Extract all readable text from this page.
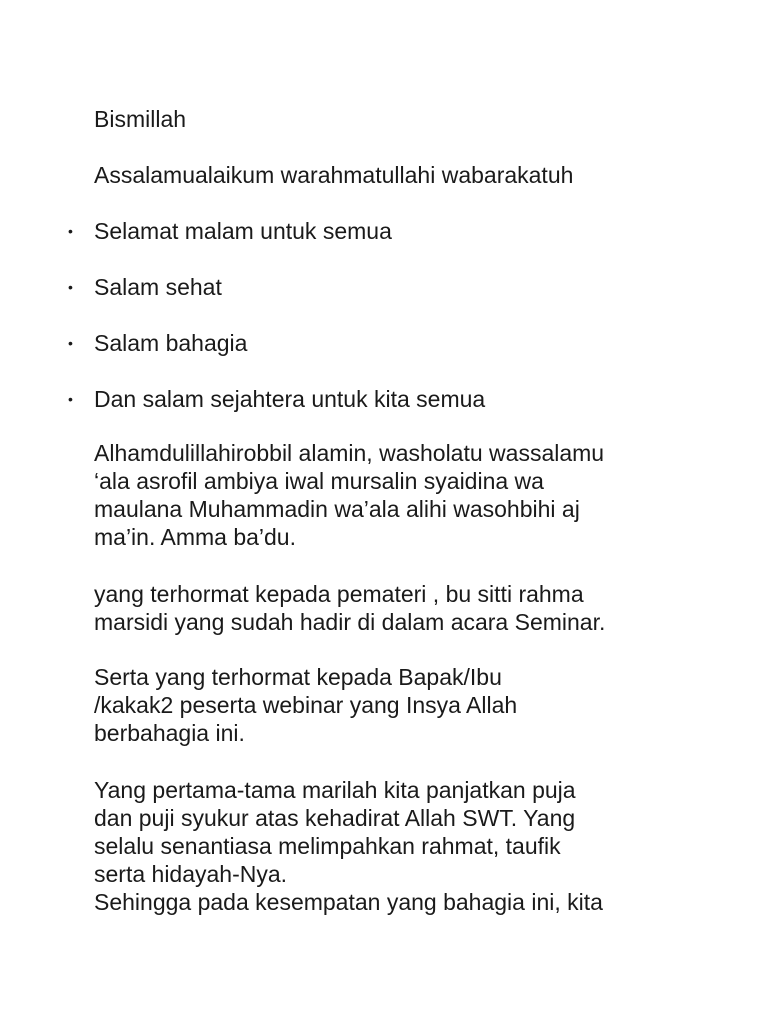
Bismillah
Assalamualaikum warahmatullahi wabarakatuh
• Selamat malam untuk semua
• Salam sehat
• Salam bahagia
• Dan salam sejahtera untuk kita semua
Alhamdulillahirobbil alamin, washolatu wassalamu
‘ala asrofil ambiya iwal mursalin syaidina wa
maulana Muhammadin wa’ala alihi wasohbihi aj
ma’in. Amma ba’du.
yang terhormat kepada pemateri , bu sitti rahma
marsidi yang sudah hadir di dalam acara Seminar.
Serta yang terhormat kepada Bapak/Ibu
/kakak2 peserta webinar yang Insya Allah
berbahagia ini.
Yang pertama-tama marilah kita panjatkan puja
dan puji syukur atas kehadirat Allah SWT. Yang
selalu senantiasa melimpahkan rahmat, taufik
serta hidayah-Nya.
Sehingga pada kesempatan yang bahagia ini, kita
